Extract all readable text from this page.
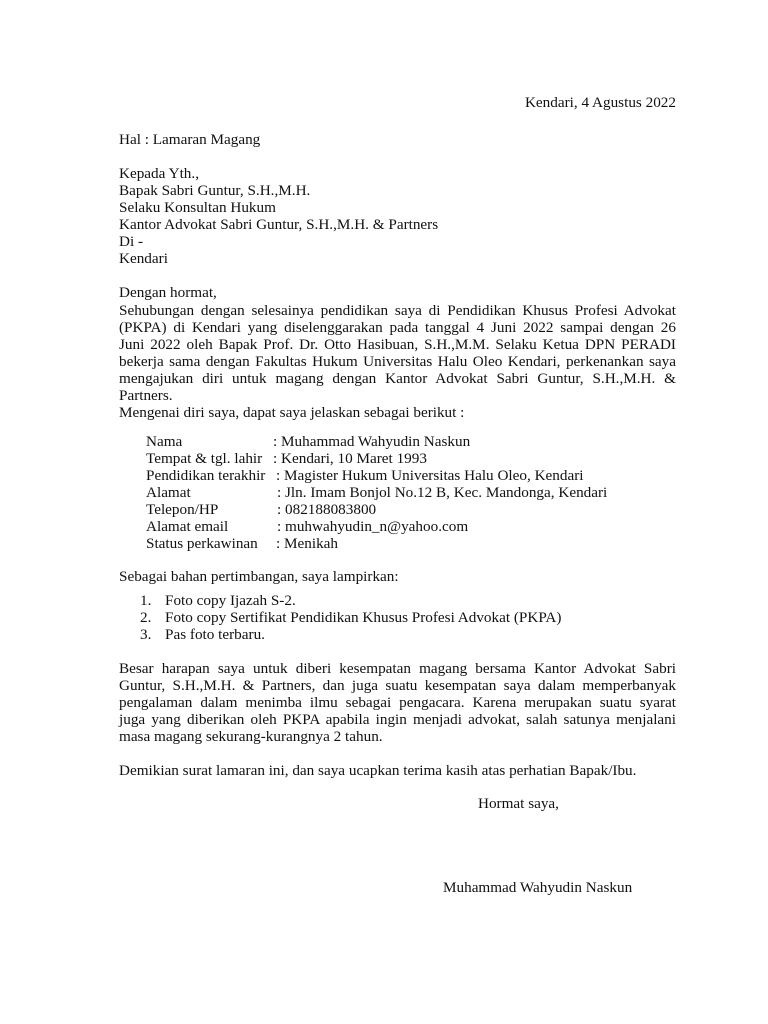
Kendari, 4 Agustus 2022
Hal : Lamaran Magang
Kepada Yth.,
Bapak Sabri Guntur, S.H.,M.H.
Selaku Konsultan Hukum
Kantor Advokat Sabri Guntur, S.H.,M.H. & Partners
Di -
Kendari
Dengan hormat,
Sehubungan dengan selesainya pendidikan saya di Pendidikan Khusus Profesi Advokat
(PKPA) di Kendari yang diselenggarakan pada tanggal 4 Juni 2022 sampai dengan 26
Juni 2022 oleh Bapak Prof. Dr. Otto Hasibuan, S.H.,M.M. Selaku Ketua DPN PERADI
bekerja sama dengan Fakultas Hukum Universitas Halu Oleo Kendari, perkenankan saya
mengajukan diri untuk magang dengan Kantor Advokat Sabri Guntur, S.H.,M.H. &
Partners.
Mengenai diri saya, dapat saya jelaskan sebagai berikut :
Nama	: Muhammad Wahyudin Naskun
Tempat & tgl. lahir : Kendari, 10 Maret 1993
Pendidikan terakhir : Magister Hukum Universitas Halu Oleo, Kendari
Alamat	: Jln. Imam Bonjol No.12 B, Kec. Mandonga, Kendari
Telepon/HP	: 082188083800
Alamat email	: muhwahyudin_n@yahoo.com
Status perkawinan : Menikah
Sebagai bahan pertimbangan, saya lampirkan:
1. Foto copy Ijazah S-2.
2. Foto copy Sertifikat Pendidikan Khusus Profesi Advokat (PKPA)
3. Pas foto terbaru.
Besar harapan saya untuk diberi kesempatan magang bersama Kantor Advokat Sabri
Guntur, S.H.,M.H. & Partners, dan juga suatu kesempatan saya dalam memperbanyak
pengalaman dalam menimba ilmu sebagai pengacara. Karena merupakan suatu syarat
juga yang diberikan oleh PKPA apabila ingin menjadi advokat, salah satunya menjalani
masa magang sekurang-kurangnya 2 tahun.
Demikian surat lamaran ini, dan saya ucapkan terima kasih atas perhatian Bapak/Ibu.
Hormat saya,
Muhammad Wahyudin Naskun
